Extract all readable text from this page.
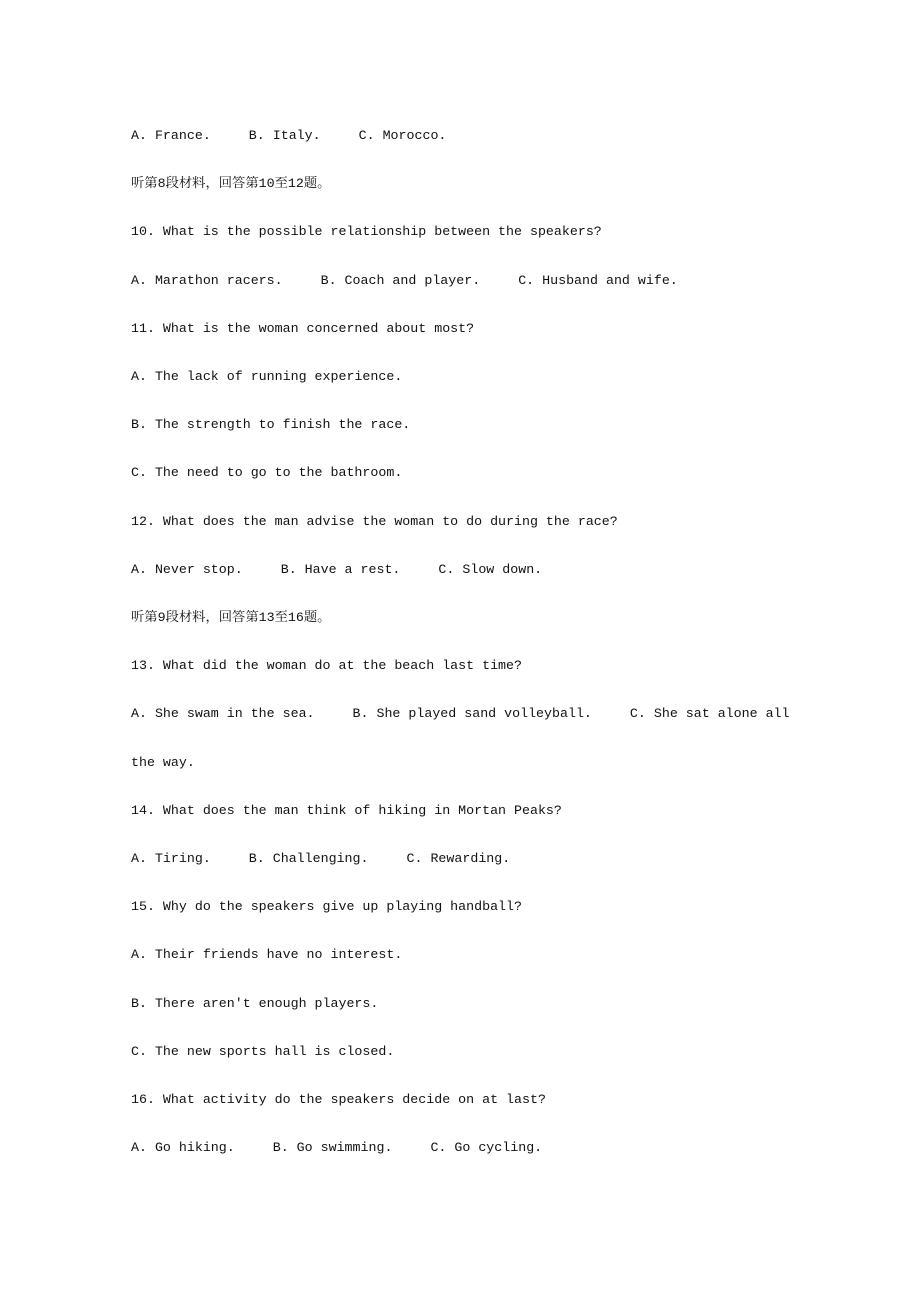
A. France.	B. Italy.	C. Morocco.
听第8段材料，回答第10至12题。
10. What is the possible relationship between the speakers?
A. Marathon racers.	B. Coach and player.	C. Husband and wife.
11. What is the woman concerned about most?
A. The lack of running experience.
B. The strength to finish the race.
C. The need to go to the bathroom.
12. What does the man advise the woman to do during the race?
A. Never stop.	B. Have a rest.	C. Slow down.
听第9段材料，回答第13至16题。
13. What did the woman do at the beach last time?
A. She swam in the sea.	B. She played sand volleyball.	C. She sat alone all the way.
14. What does the man think of hiking in Mortan Peaks?
A. Tiring.	B. Challenging.	C. Rewarding.
15. Why do the speakers give up playing handball?
A. Their friends have no interest.
B. There aren't enough players.
C. The new sports hall is closed.
16. What activity do the speakers decide on at last?
A. Go hiking.	B. Go swimming.	C. Go cycling.
